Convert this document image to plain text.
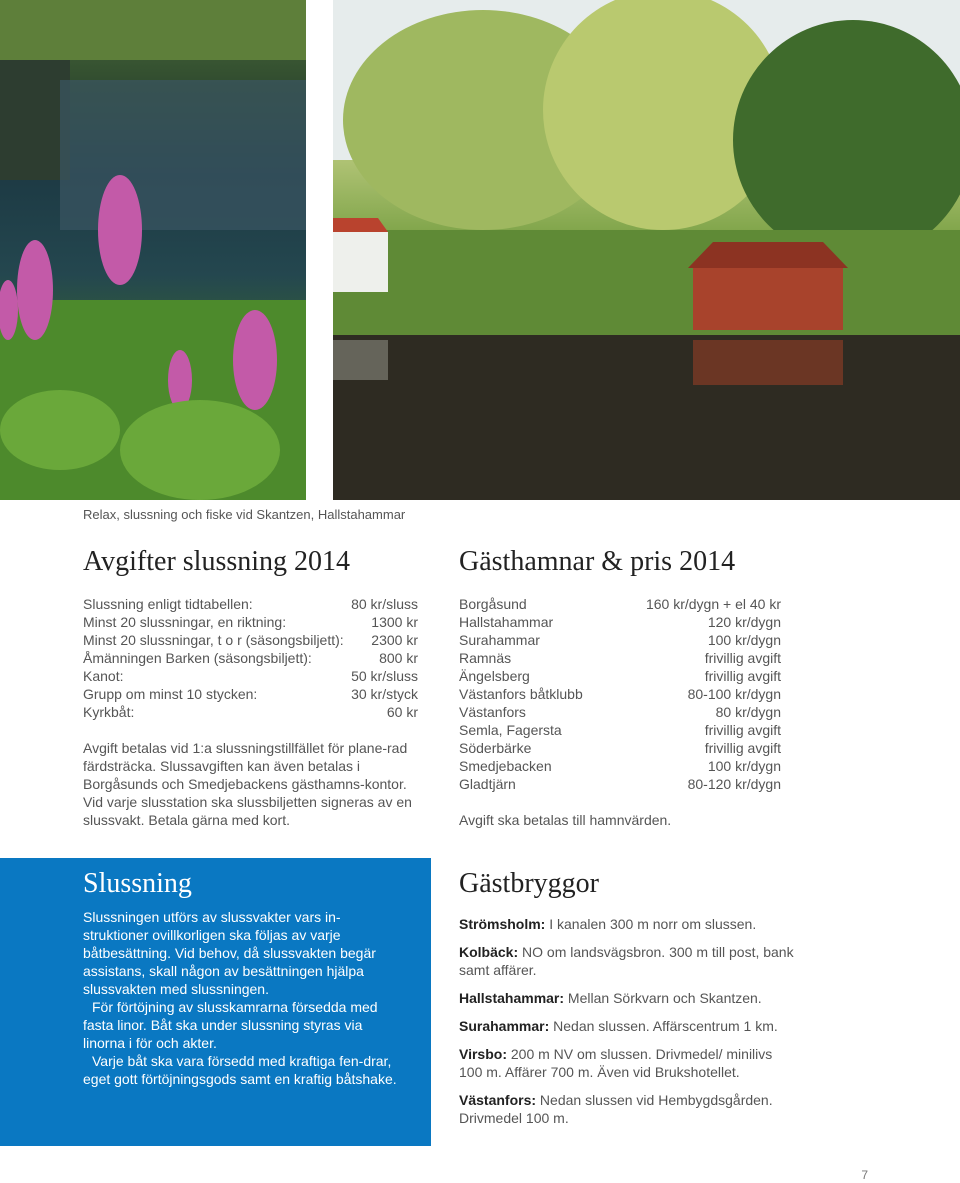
Relax, slussning och fiske vid Skantzen, Hallstahammar
Avgifter slussning 2014
Slussning enligt tidtabellen:	80 kr/sluss
Minst 20 slussningar, en riktning:	1300 kr
Minst 20 slussningar, t o r (säsongsbiljett): 2300 kr
Åmänningen Barken (säsongsbiljett):	800 kr
Kanot:	50 kr/sluss
Grupp om minst 10 stycken:	30 kr/styck
Kyrkbåt:	60 kr
Avgift betalas vid 1:a slussningstillfället för plane-rad färdsträcka. Slussavgiften kan även betalas i Borgåsunds och Smedjebackens gästhamns-kontor. Vid varje slusstation ska slussbiljetten signeras av en slussvakt. Betala gärna med kort.
Gästhamnar & pris 2014
Borgåsund	160 kr/dygn + el 40 kr
Hallstahammar	120 kr/dygn
Surahammar	100 kr/dygn
Ramnäs	frivillig avgift
Ängelsberg	frivillig avgift
Västanfors båtklubb	80-100 kr/dygn
Västanfors	80 kr/dygn
Semla, Fagersta	frivillig avgift
Söderbärke	frivillig avgift
Smedjebacken	100 kr/dygn
Gladtjärn	80-120 kr/dygn
Avgift ska betalas till hamnvärden.
Slussning

Slussningen utförs av slussvakter vars in-struktioner ovillkorligen ska följas av varje båtbesättning. Vid behov, då slussvakten begär assistans, skall någon av besättningen hjälpa slussvakten med slussningen.

För förtöjning av slusskamrarna försedda med fasta linor. Båt ska under slussning styras via linorna i för och akter.

Varje båt ska vara försedd med kraftiga fen-drar, eget gott förtöjningsgods samt en kraftig båtshake.

Gästbryggor

Strömsholm: I kanalen 300 m norr om slussen.

Kolbäck: NO om landsvägsbron. 300 m till post, bank samt affärer.

Hallstahammar: Mellan Sörkvarn och Skantzen.

Surahammar: Nedan slussen. Affärscentrum 1 km.

Virsbo: 200 m NV om slussen. Drivmedel/ minilivs 100 m. Affärer 700 m. Även vid Brukshotellet.

Västanfors: Nedan slussen vid Hembygdsgården. Drivmedel 100 m.

7
